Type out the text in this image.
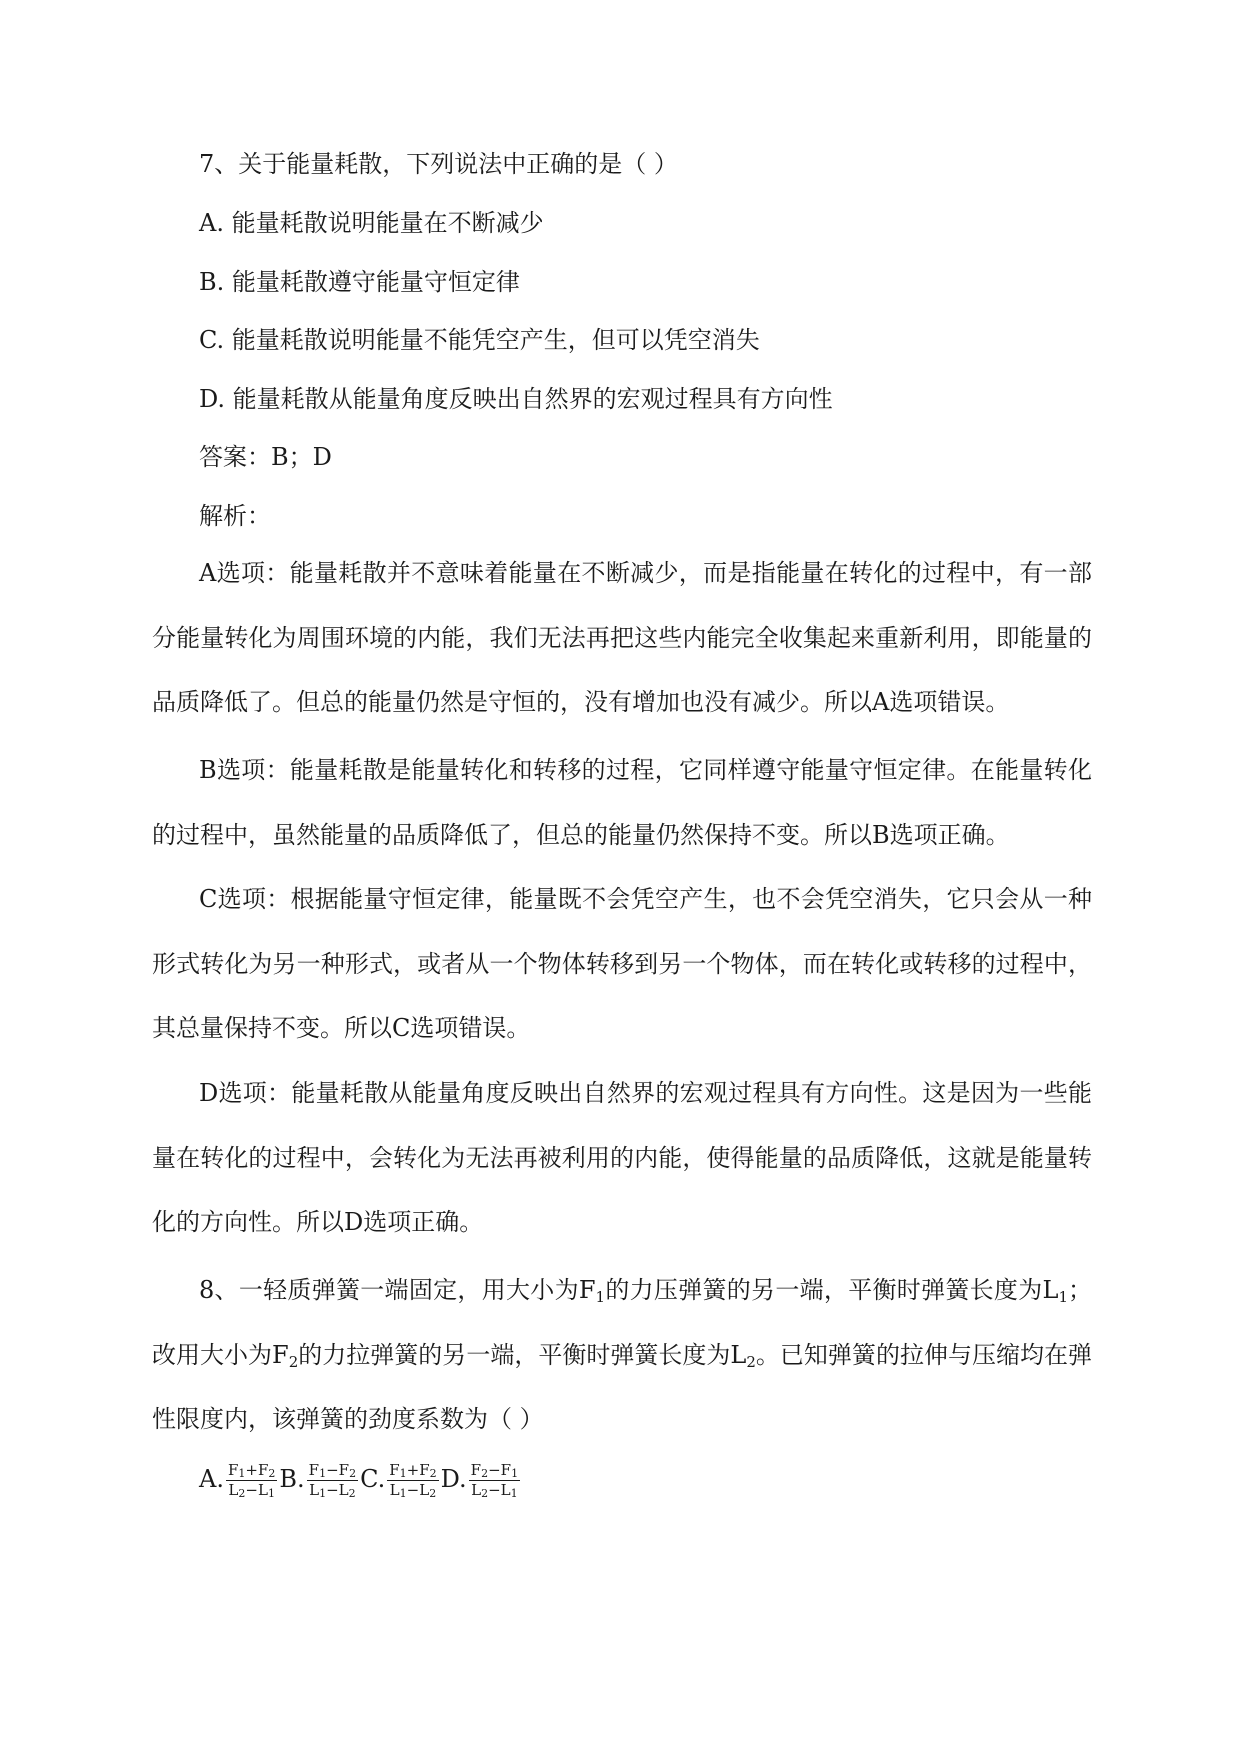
7、关于能量耗散，下列说法中正确的是（ ）
A. 能量耗散说明能量在不断减少
B. 能量耗散遵守能量守恒定律
C. 能量耗散说明能量不能凭空产生，但可以凭空消失
D. 能量耗散从能量角度反映出自然界的宏观过程具有方向性
答案：B；D
解析：
A选项：能量耗散并不意味着能量在不断减少，而是指能量在转化的过程中，有一部分能量转化为周围环境的内能，我们无法再把这些内能完全收集起来重新利用，即能量的品质降低了。但总的能量仍然是守恒的，没有增加也没有减少。所以A选项错误。
B选项：能量耗散是能量转化和转移的过程，它同样遵守能量守恒定律。在能量转化的过程中，虽然能量的品质降低了，但总的能量仍然保持不变。所以B选项正确。
C选项：根据能量守恒定律，能量既不会凭空产生，也不会凭空消失，它只会从一种形式转化为另一种形式，或者从一个物体转移到另一个物体，而在转化或转移的过程中，其总量保持不变。所以C选项错误。
D选项：能量耗散从能量角度反映出自然界的宏观过程具有方向性。这是因为一些能量在转化的过程中，会转化为无法再被利用的内能，使得能量的品质降低，这就是能量转化的方向性。所以D选项正确。
8、一轻质弹簧一端固定，用大小为$F_1$的力压弹簧的另一端，平衡时弹簧长度为$L_1$；改用大小为$F_2$的力拉弹簧的另一端，平衡时弹簧长度为$L_2$。已知弹簧的拉伸与压缩均在弹性限度内，该弹簧的劲度系数为（ ）
A. $\frac{F_1+F_2}{L_2-L_1} B$. $\frac{F_1-F_2}{L_1-L_2} C$. $\frac{F_1+F_2}{L_1-L_2} D$. $\frac{F_2-F_1}{L_2-L_1}$
